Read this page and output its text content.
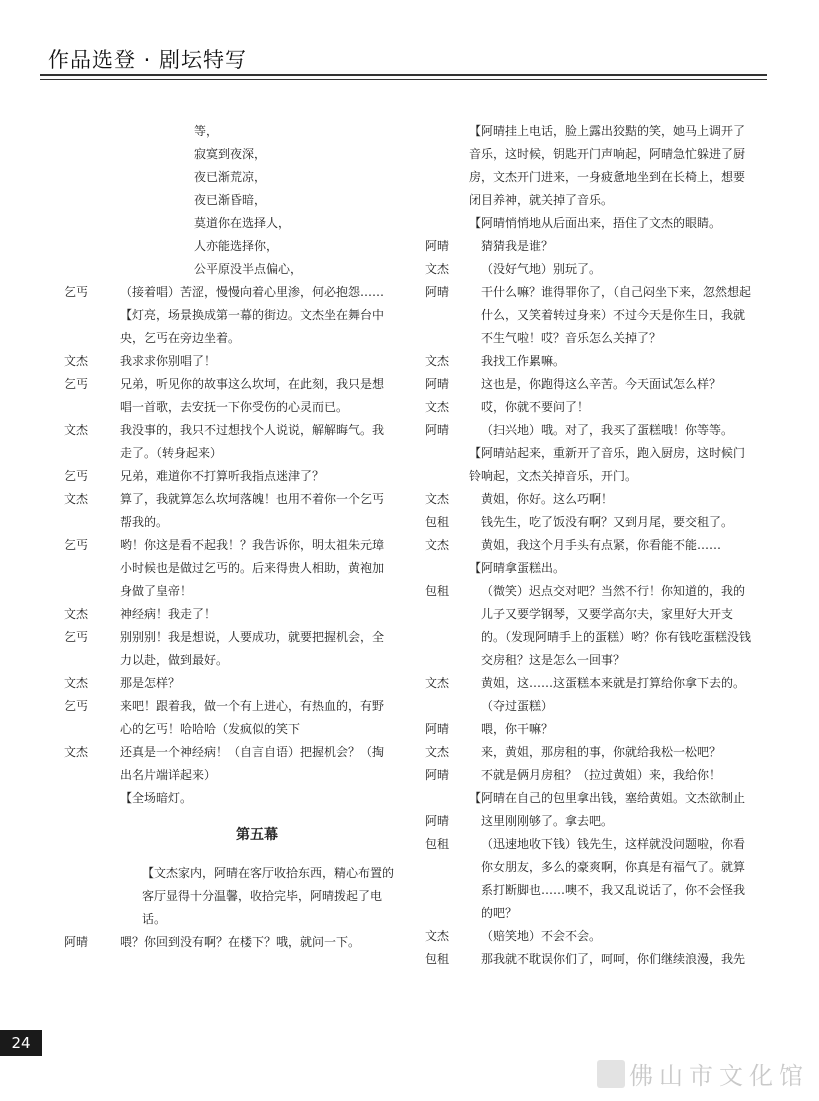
作品选登 · 剧坛特写
等，
寂寞到夜深，
夜已渐荒凉，
夜已渐昏暗，
莫道你在选择人，
人亦能选择你，
公平原没半点偏心，
乞丐	（接着唱）苦涩，慢慢向着心里渗，何必抱怨……
【灯亮，场景换成第一幕的街边。文杰坐在舞台中央，乞丐在旁边坐着。
文杰	我求求你别唱了！
乞丐	兄弟，听见你的故事这么坎坷，在此刻，我只是想唱一首歌，去安抚一下你受伤的心灵而已。
文杰	我没事的，我只不过想找个人说说，解解晦气。我走了。（转身起来）
乞丐	兄弟，难道你不打算听我指点迷津了？
文杰	算了，我就算怎么坎坷落魄！也用不着你一个乞丐帮我的。
乞丐	哟！你这是看不起我！？我告诉你，明太祖朱元璋小时候也是做过乞丐的。后来得贵人相助，黄袍加身做了皇帝！
文杰	神经病！我走了！
乞丐	别别别！我是想说，人要成功，就要把握机会，全力以赴，做到最好。
文杰	那是怎样？
乞丐	来吧！跟着我，做一个有上进心，有热血的，有野心的乞丐！哈哈哈（发疯似的笑下
文杰	还真是一个神经病！（自言自语）把握机会？（掏出名片端详起来）
【全场暗灯。
第五幕
【文杰家内，阿晴在客厅收拾东西，精心布置的客厅显得十分温馨，收拾完毕，阿晴拨起了电话。
阿晴	喂？你回到没有啊？在楼下？哦，就问一下。
【阿晴挂上电话，脸上露出狡黠的笑，她马上调开了音乐，这时候，钥匙开门声响起，阿晴急忙躲进了厨房，文杰开门进来，一身疲惫地坐到在长椅上，想要闭目养神，就关掉了音乐。
【阿晴悄悄地从后面出来，捂住了文杰的眼睛。
阿晴	猜猜我是谁？
文杰	（没好气地）别玩了。
阿晴	干什么嘛？谁得罪你了，（自己闷坐下来，忽然想起什么，又笑着转过身来）不过今天是你生日，我就不生气啦！哎？音乐怎么关掉了？
文杰	我找工作累嘛。
阿晴	这也是，你跑得这么辛苦。今天面试怎么样？
文杰	哎，你就不要问了！
阿晴	（扫兴地）哦。对了，我买了蛋糕哦！你等等。
【阿晴站起来，重新开了音乐，跑入厨房，这时候门铃响起，文杰关掉音乐，开门。
文杰	黄姐，你好。这么巧啊！
包租	钱先生，吃了饭没有啊？又到月尾，要交租了。
文杰	黄姐，我这个月手头有点紧，你看能不能……
【阿晴拿蛋糕出。
包租	（微笑）迟点交对吧？当然不行！你知道的，我的儿子又要学钢琴，又要学高尔夫，家里好大开支的。（发现阿晴手上的蛋糕）哟？你有钱吃蛋糕没钱交房租？这是怎么一回事？
文杰	黄姐，这……这蛋糕本来就是打算给你拿下去的。（夺过蛋糕）
阿晴	喂，你干嘛？
文杰	来，黄姐，那房租的事，你就给我松一松吧？
阿晴	不就是俩月房租？（拉过黄姐）来，我给你！
【阿晴在自己的包里拿出钱，塞给黄姐。文杰欲制止
阿晴	这里刚刚够了。拿去吧。
包租	（迅速地收下钱）钱先生，这样就没问题啦，你看你女朋友，多么的豪爽啊，你真是有福气了。就算系打断脚也……噢不，我又乱说话了，你不会怪我的吧？
文杰	（赔笑地）不会不会。
包租	那我就不耽误你们了，呵呵，你们继续浪漫，我先
24
佛山市文化馆
